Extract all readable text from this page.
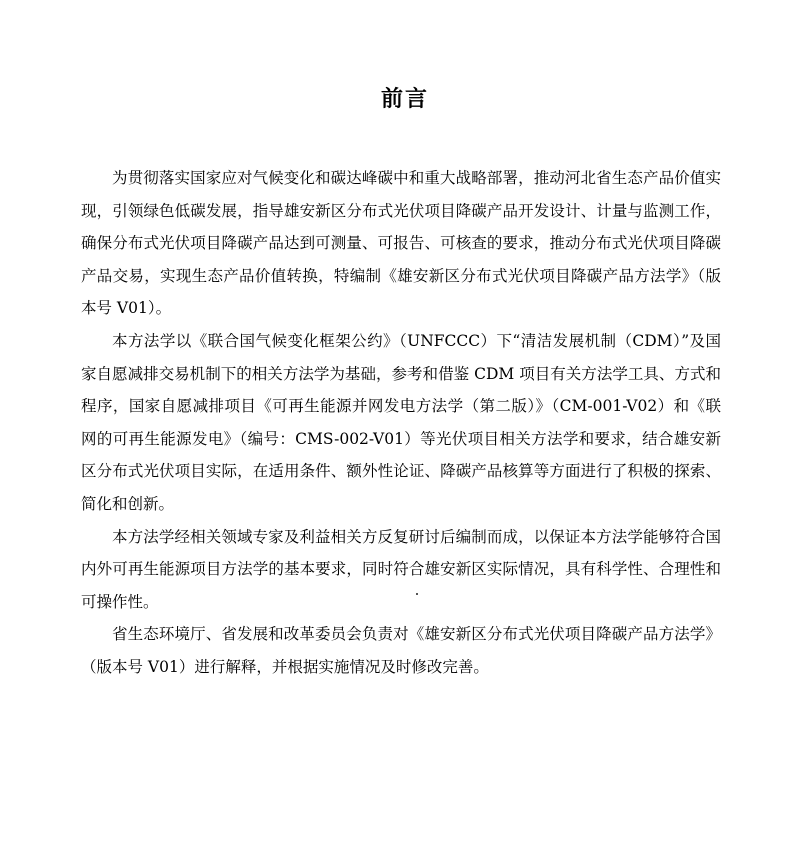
前言

为贯彻落实国家应对气候变化和碳达峰碳中和重大战略部署，推动河北省生态产品价值实现，引领绿色低碳发展，指导雄安新区分布式光伏项目降碳产品开发设计、计量与监测工作，确保分布式光伏项目降碳产品达到可测量、可报告、可核查的要求，推动分布式光伏项目降碳产品交易，实现生态产品价值转换，特编制《雄安新区分布式光伏项目降碳产品方法学》（版本号 V01）。

本方法学以《联合国气候变化框架公约》（UNFCCC）下“清洁发展机制（CDM）”及国家自愿减排交易机制下的相关方法学为基础，参考和借鉴 CDM 项目有关方法学工具、方式和程序，国家自愿减排项目《可再生能源并网发电方法学（第二版）》（CM-001-V02）和《联网的可再生能源发电》（编号：CMS-002-V01）等光伏项目相关方法学和要求，结合雄安新区分布式光伏项目实际，在适用条件、额外性论证、降碳产品核算等方面进行了积极的探索、简化和创新。

本方法学经相关领域专家及利益相关方反复研讨后编制而成，以保证本方法学能够符合国内外可再生能源项目方法学的基本要求，同时符合雄安新区实际情况，具有科学性、合理性和可操作性。

省生态环境厅、省发展和改革委员会负责对《雄安新区分布式光伏项目降碳产品方法学》（版本号 V01）进行解释，并根据实施情况及时修改完善。
